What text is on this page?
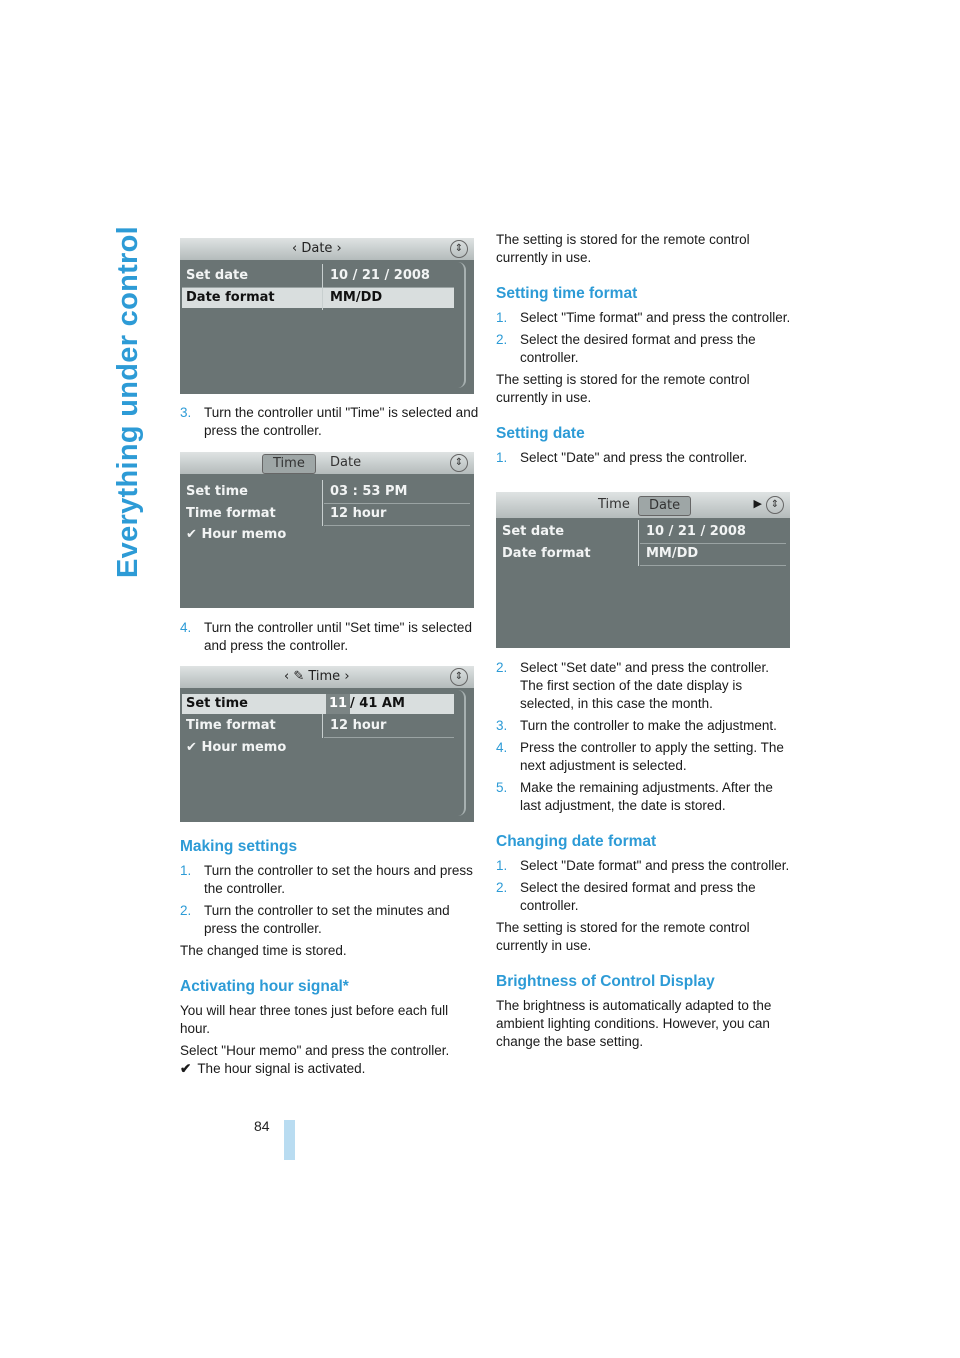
Everything under control
84
‹ Date ›	⇕
Set date	10 / 21 / 2008
Date format	MM/DD
3. Turn the controller until "Time" is selected and press the controller.
Time	Date	⇕
Set time	03 : 53 PM
Time format	12 hour
✔ Hour memo
4. Turn the controller until "Set time" is selected and press the controller.
‹ ✎ Time ›	⇕
Set time	11 / 41 AM
Time format	12 hour
✔ Hour memo
Making settings
1. Turn the controller to set the hours and press the controller.
2. Turn the controller to set the minutes and press the controller.

The changed time is stored.

Activating hour signal*

You will hear three tones just before each full hour.

Select "Hour memo" and press the controller.

✔ The hour signal is activated.

The setting is stored for the remote control currently in use.

Setting time format
1. Select "Time format" and press the controller.
2. Select the desired format and press the controller.

The setting is stored for the remote control currently in use.

Setting date
1. Select "Date" and press the controller.
Time	Date	▶ ⇕
Set date	10 / 21 / 2008
Date format	MM/DD
2. Select "Set date" and press the controller. The first section of the date display is selected, in this case the month.
3. Turn the controller to make the adjustment.
4. Press the controller to apply the setting. The next adjustment is selected.
5. Make the remaining adjustments. After the last adjustment, the date is stored.
Changing date format
1. Select "Date format" and press the controller.
2. Select the desired format and press the controller.

The setting is stored for the remote control currently in use.

Brightness of Control Display

The brightness is automatically adapted to the ambient lighting conditions. However, you can change the base setting.
